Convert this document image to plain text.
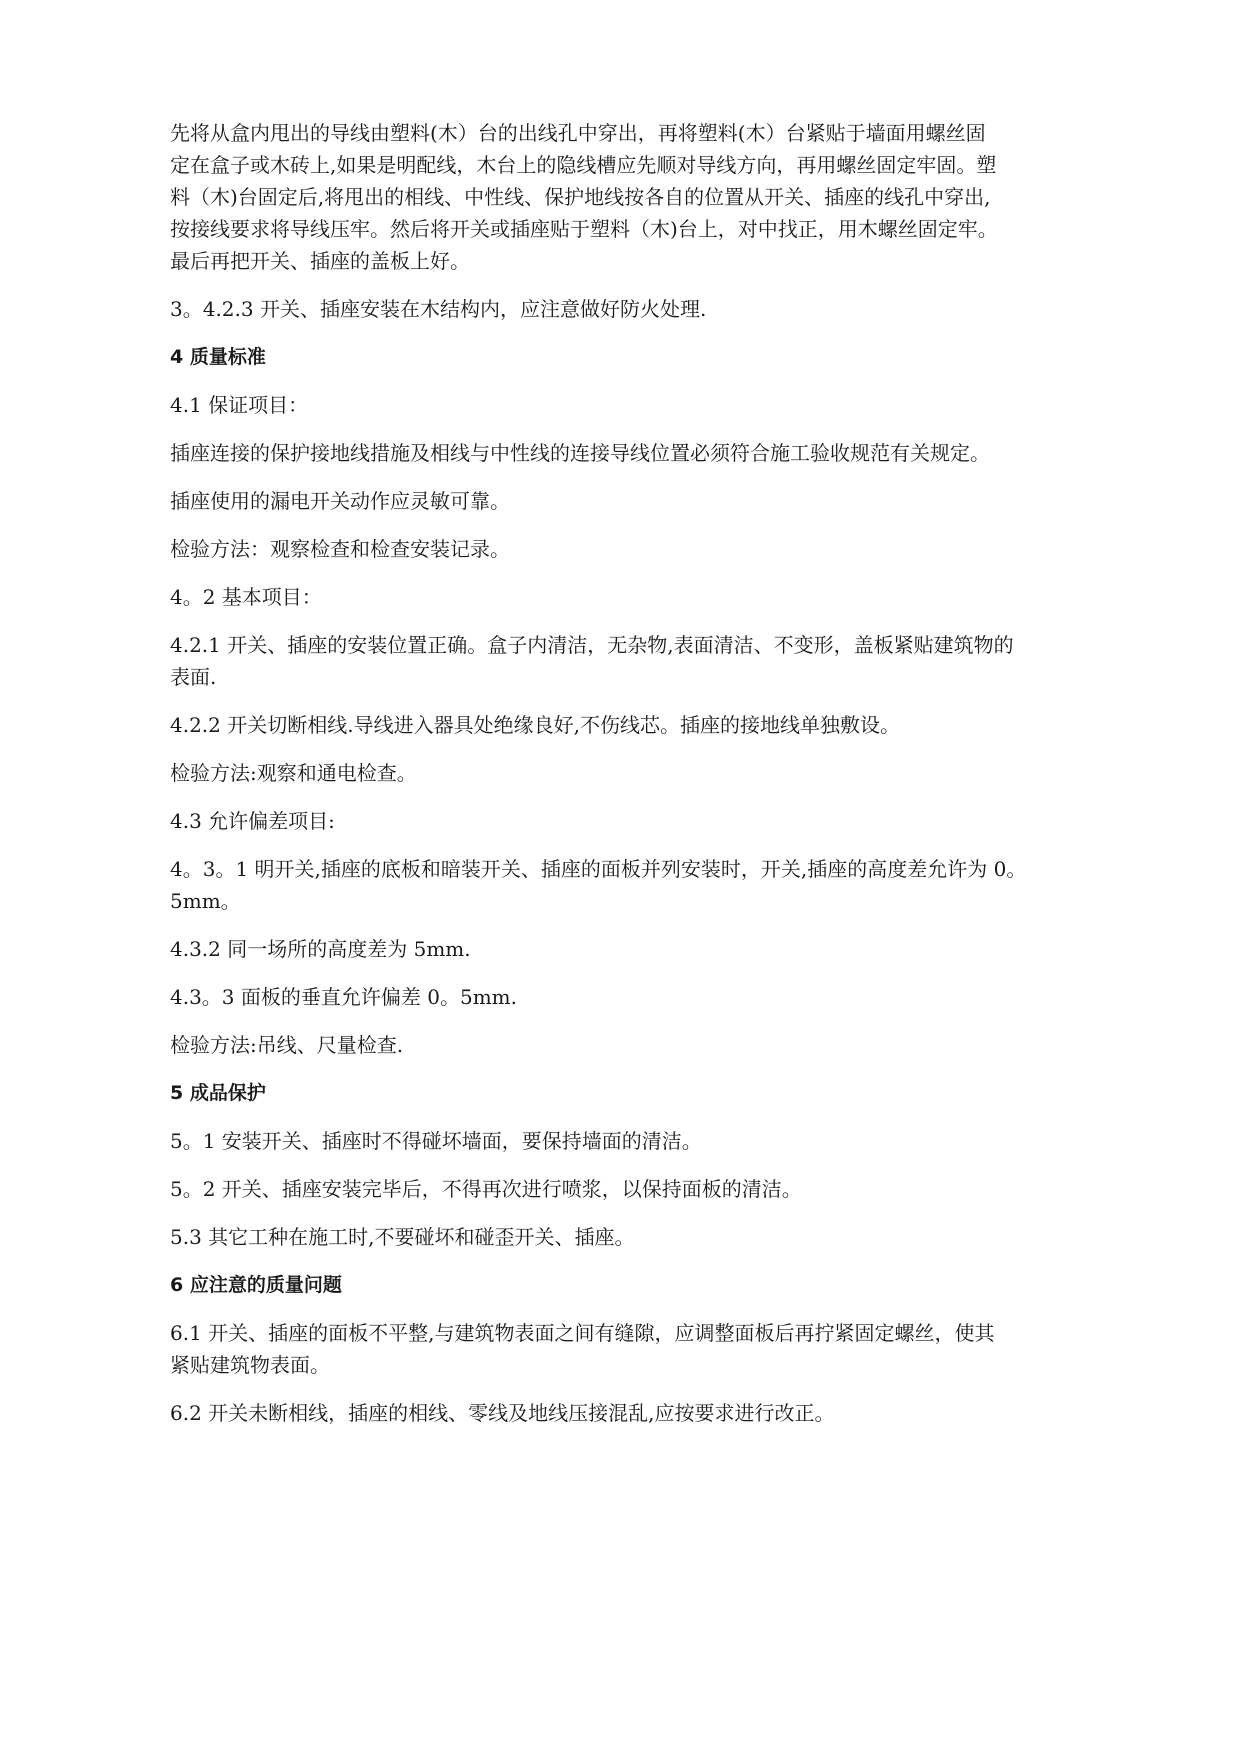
先将从盒内甩出的导线由塑料(木）台的出线孔中穿出，再将塑料(木）台紧贴于墙面用螺丝固
定在盒子或木砖上,如果是明配线，木台上的隐线槽应先顺对导线方向，再用螺丝固定牢固。塑
料（木)台固定后,将甩出的相线、中性线、保护地线按各自的位置从开关、插座的线孔中穿出,
按接线要求将导线压牢。然后将开关或插座贴于塑料（木)台上，对中找正，用木螺丝固定牢。
最后再把开关、插座的盖板上好。

3。4.2.3 开关、插座安装在木结构内，应注意做好防火处理.

4 质量标准

4.1 保证项目：

插座连接的保护接地线措施及相线与中性线的连接导线位置必须符合施工验收规范有关规定。

插座使用的漏电开关动作应灵敏可靠。

检验方法：观察检查和检查安装记录。

4。2 基本项目：

4.2.1 开关、插座的安装位置正确。盒子内清洁，无杂物,表面清洁、不变形，盖板紧贴建筑物的
表面.

4.2.2 开关切断相线.导线进入器具处绝缘良好,不伤线芯。插座的接地线单独敷设。

检验方法:观察和通电检查。

4.3 允许偏差项目:

4。3。1 明开关,插座的底板和暗装开关、插座的面板并列安装时，开关,插座的高度差允许为 0。
5mm。

4.3.2 同一场所的高度差为 5mm.

4.3。3 面板的垂直允许偏差 0。5mm.

检验方法:吊线、尺量检查.

5 成品保护

5。1 安装开关、插座时不得碰坏墙面，要保持墙面的清洁。

5。2 开关、插座安装完毕后，不得再次进行喷浆，以保持面板的清洁。

5.3 其它工种在施工时,不要碰坏和碰歪开关、插座。

6 应注意的质量问题

6.1 开关、插座的面板不平整,与建筑物表面之间有缝隙，应调整面板后再拧紧固定螺丝，使其
紧贴建筑物表面。

6.2 开关未断相线，插座的相线、零线及地线压接混乱,应按要求进行改正。
